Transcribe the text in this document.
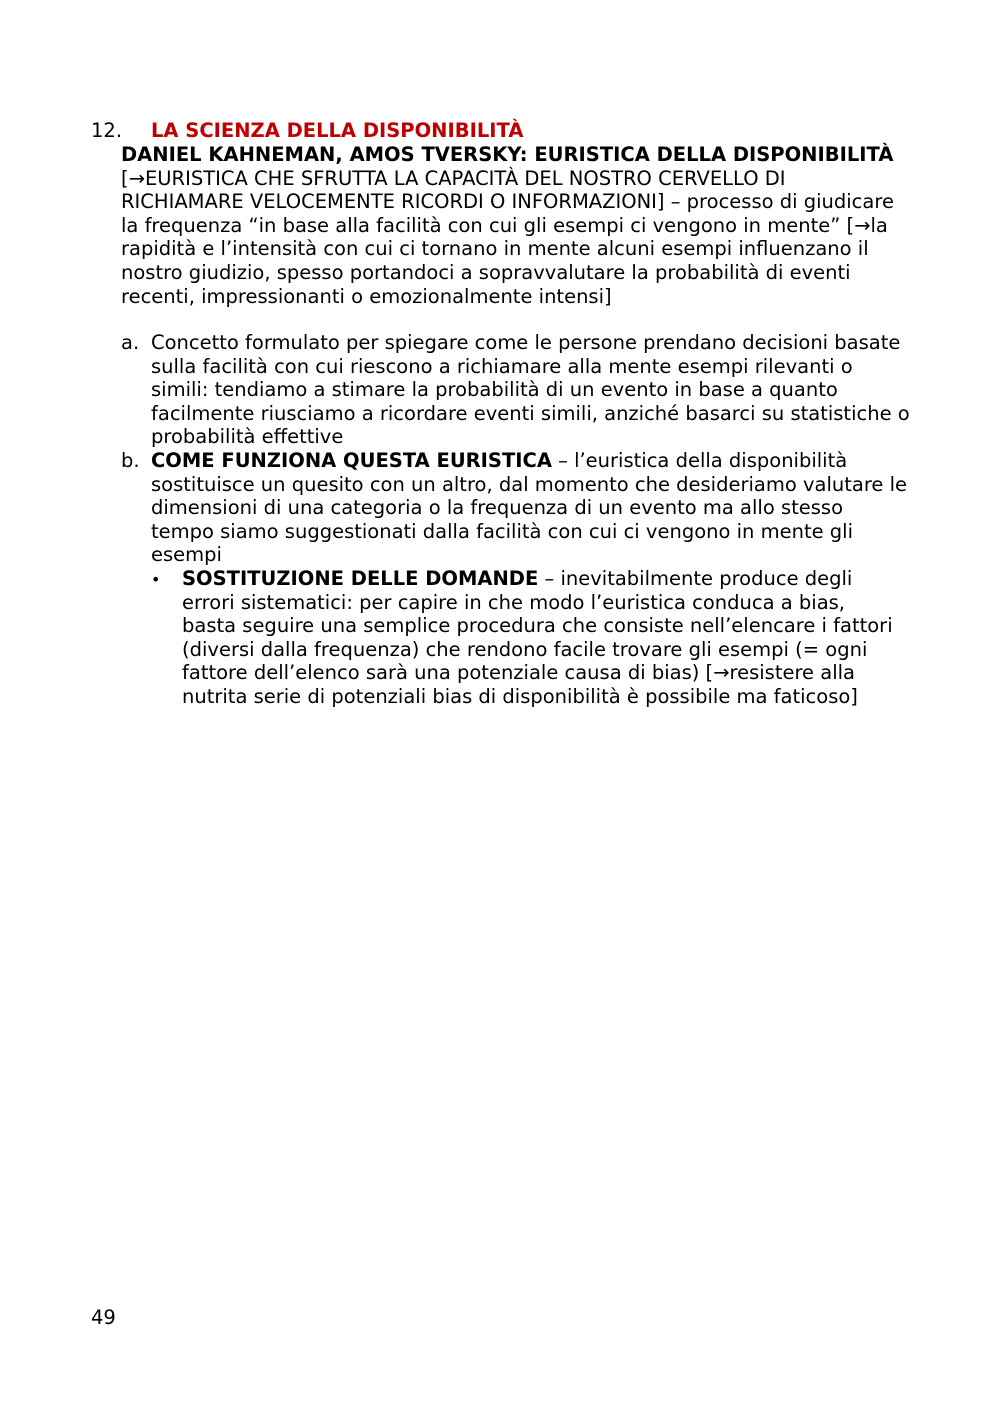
12. LA SCIENZA DELLA DISPONIBILITÀ
DANIEL KAHNEMAN, AMOS TVERSKY: EURISTICA DELLA DISPONIBILITÀ [→EURISTICA CHE SFRUTTA LA CAPACITÀ DEL NOSTRO CERVELLO DI RICHIAMARE VELOCEMENTE RICORDI O INFORMAZIONI] – processo di giudicare la frequenza “in base alla facilità con cui gli esempi ci vengono in mente” [→la rapidità e l’intensità con cui ci tornano in mente alcuni esempi influenzano il nostro giudizio, spesso portandoci a sopravvalutare la probabilità di eventi recenti, impressionanti o emozionalmente intensi]
a. Concetto formulato per spiegare come le persone prendano decisioni basate sulla facilità con cui riescono a richiamare alla mente esempi rilevanti o simili: tendiamo a stimare la probabilità di un evento in base a quanto facilmente riusciamo a ricordare eventi simili, anziché basarci su statistiche o probabilità effettive
b. COME FUNZIONA QUESTA EURISTICA – l’euristica della disponibilità sostituisce un quesito con un altro, dal momento che desideriamo valutare le dimensioni di una categoria o la frequenza di un evento ma allo stesso tempo siamo suggestionati dalla facilità con cui ci vengono in mente gli esempi
• SOSTITUZIONE DELLE DOMANDE – inevitabilmente produce degli errori sistematici: per capire in che modo l’euristica conduca a bias, basta seguire una semplice procedura che consiste nell’elencare i fattori (diversi dalla frequenza) che rendono facile trovare gli esempi (= ogni fattore dell’elenco sarà una potenziale causa di bias) [→resistere alla nutrita serie di potenziali bias di disponibilità è possibile ma faticoso]
49
